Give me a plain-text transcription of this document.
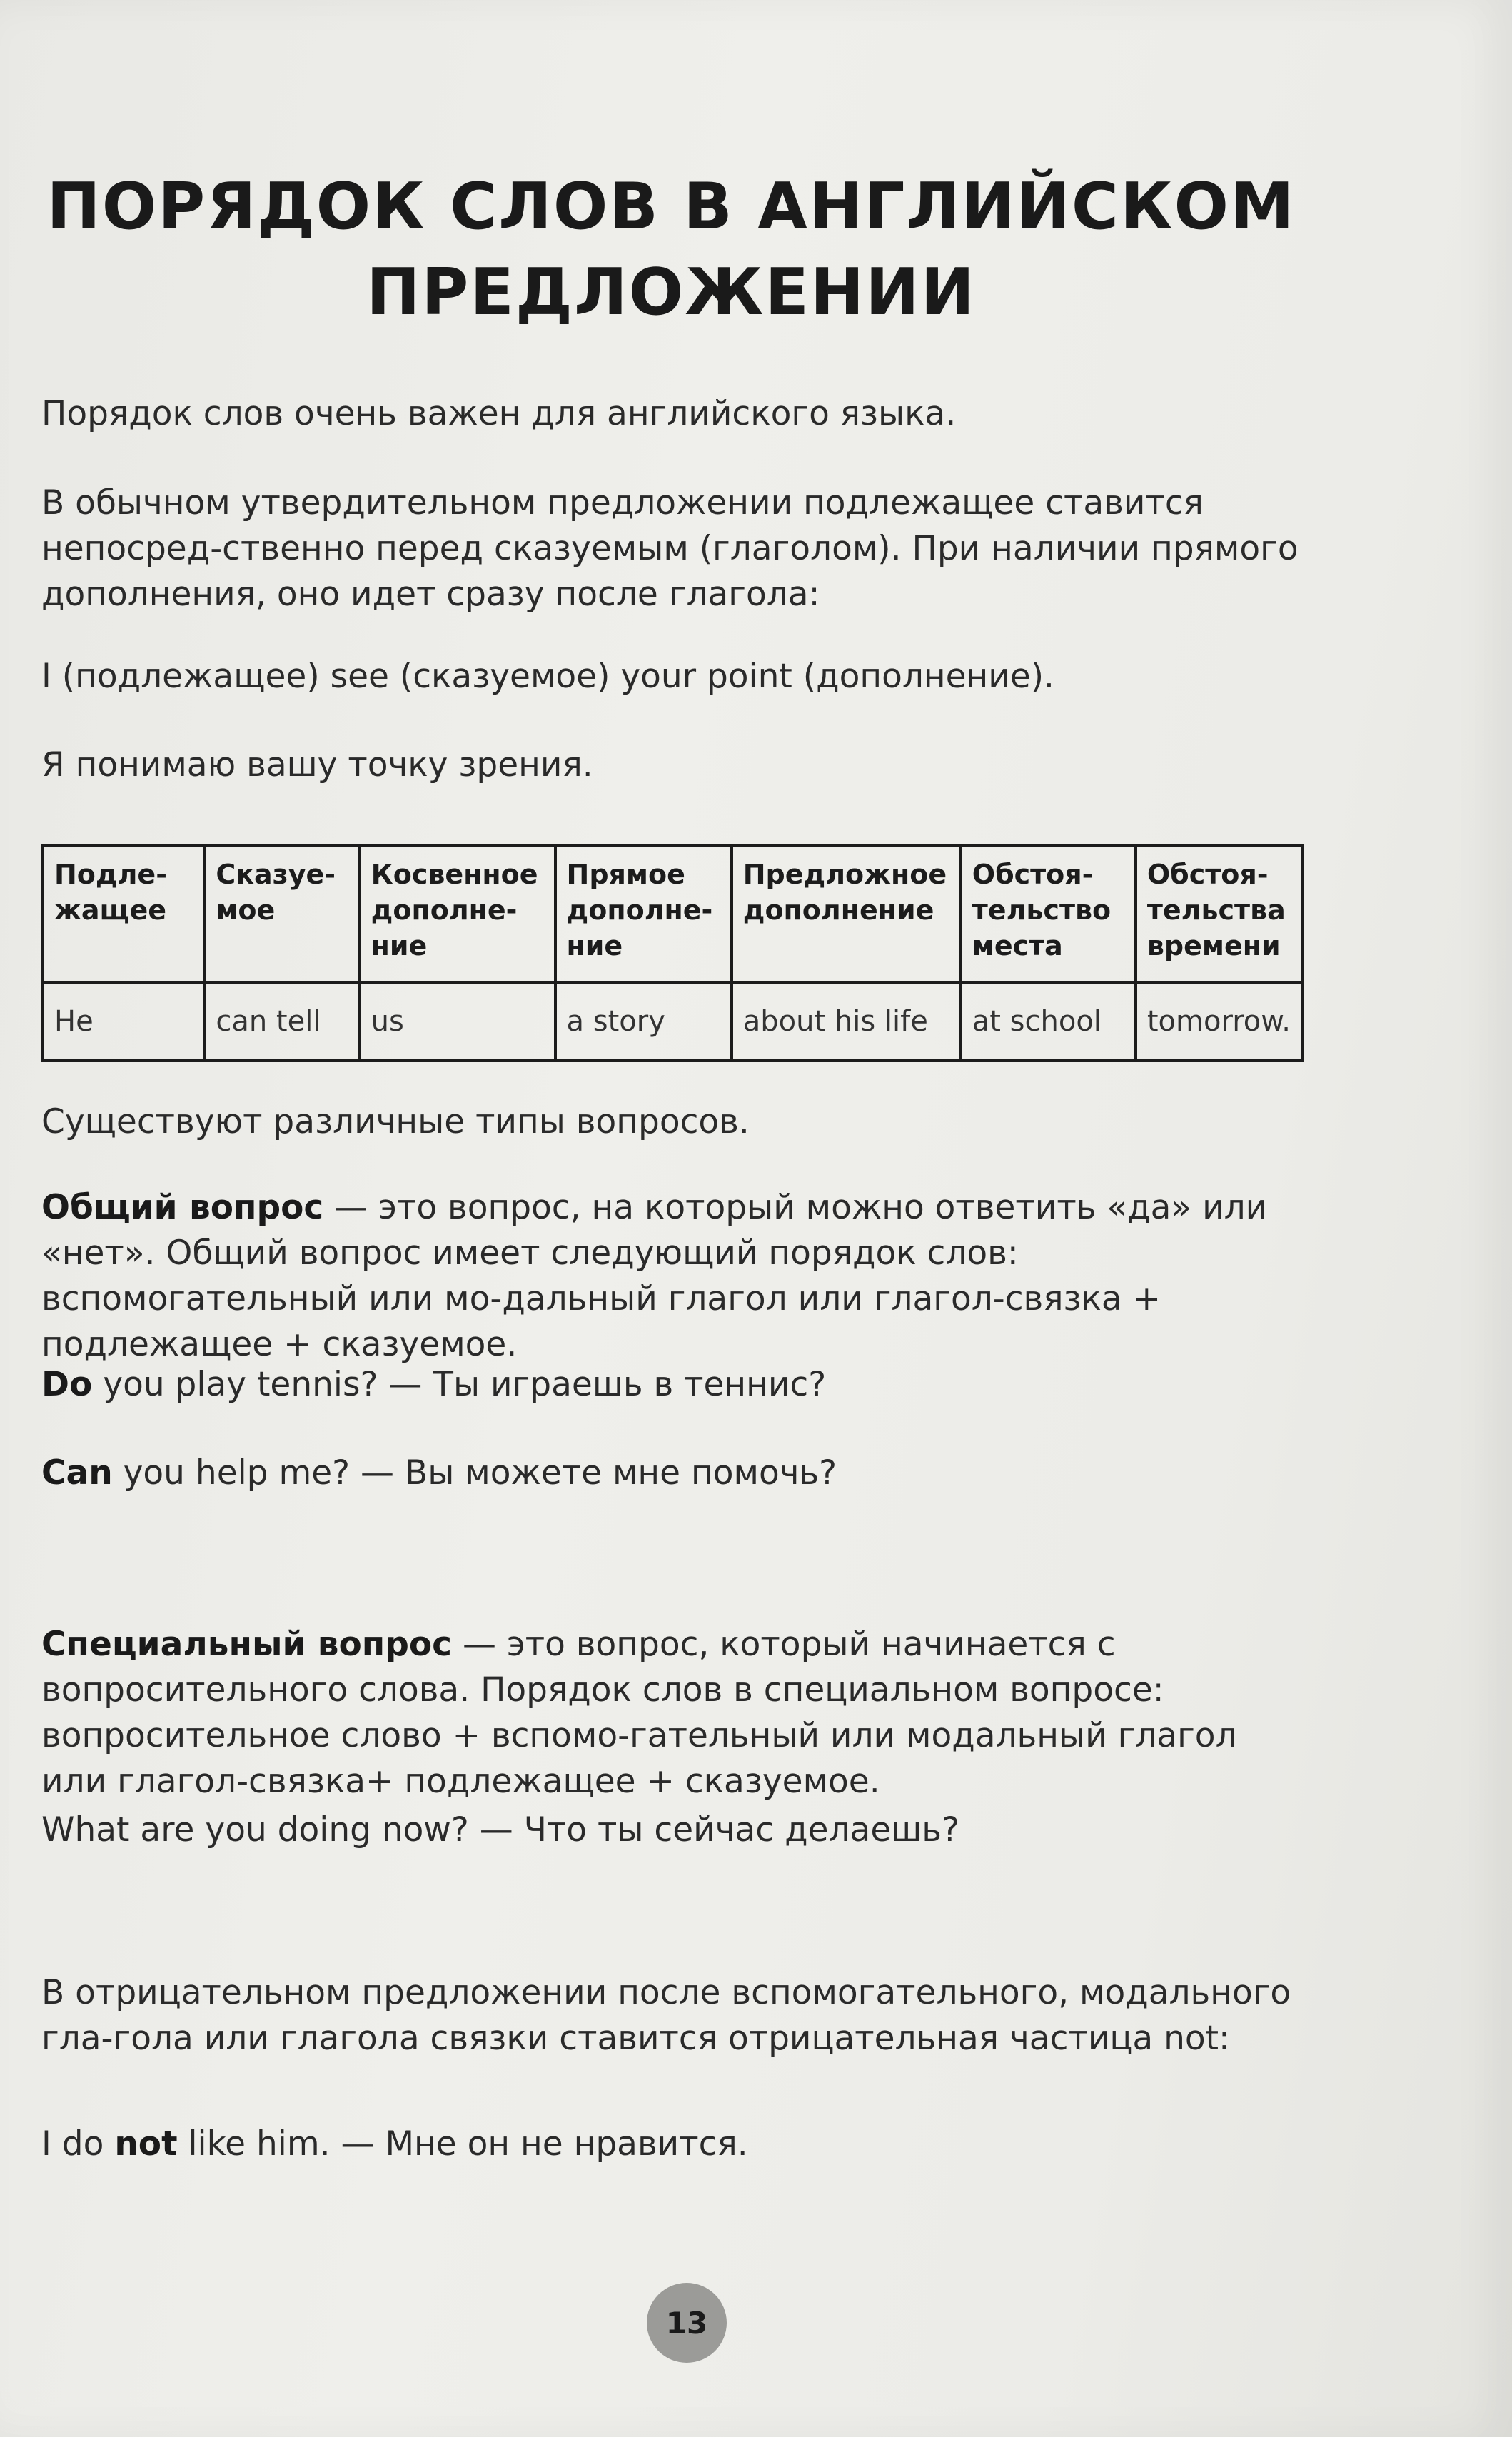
ПОРЯДОК СЛОВ В АНГЛИЙСКОМ
ПРЕДЛОЖЕНИИ
Порядок слов очень важен для английского языка.
В обычном утвердительном предложении подлежащее ставится непосред-ственно перед сказуемым (глаголом). При наличии прямого дополнения, оно идет сразу после глагола:
I (подлежащее) see (сказуемое) your point (дополнение).
Я понимаю вашу точку зрения.
Подле-жащее	Сказуе-мое	Косвенное дополне-ние	Прямое дополне-ние	Предложное дополнение	Обстоя-тельство места	Обстоя-тельства времени
He	can tell	us	a story	about his life	at school	tomorrow.
Существуют различные типы вопросов.
Общий вопрос — это вопрос, на который можно ответить «да» или «нет». Общий вопрос имеет следующий порядок слов: вспомогательный или мо-дальный глагол или глагол-связка + подлежащее + сказуемое.
Do you play tennis? — Ты играешь в теннис?
Can you help me? — Вы можете мне помочь?
Специальный вопрос — это вопрос, который начинается с вопросительного слова. Порядок слов в специальном вопросе: вопросительное слово + вспомо-гательный или модальный глагол или глагол-связка+ подлежащее + сказуемое.
What are you doing now? — Что ты сейчас делаешь?
В отрицательном предложении после вспомогательного, модального гла-гола или глагола связки ставится отрицательная частица not:
I do not like him. — Мне он не нравится.
13
